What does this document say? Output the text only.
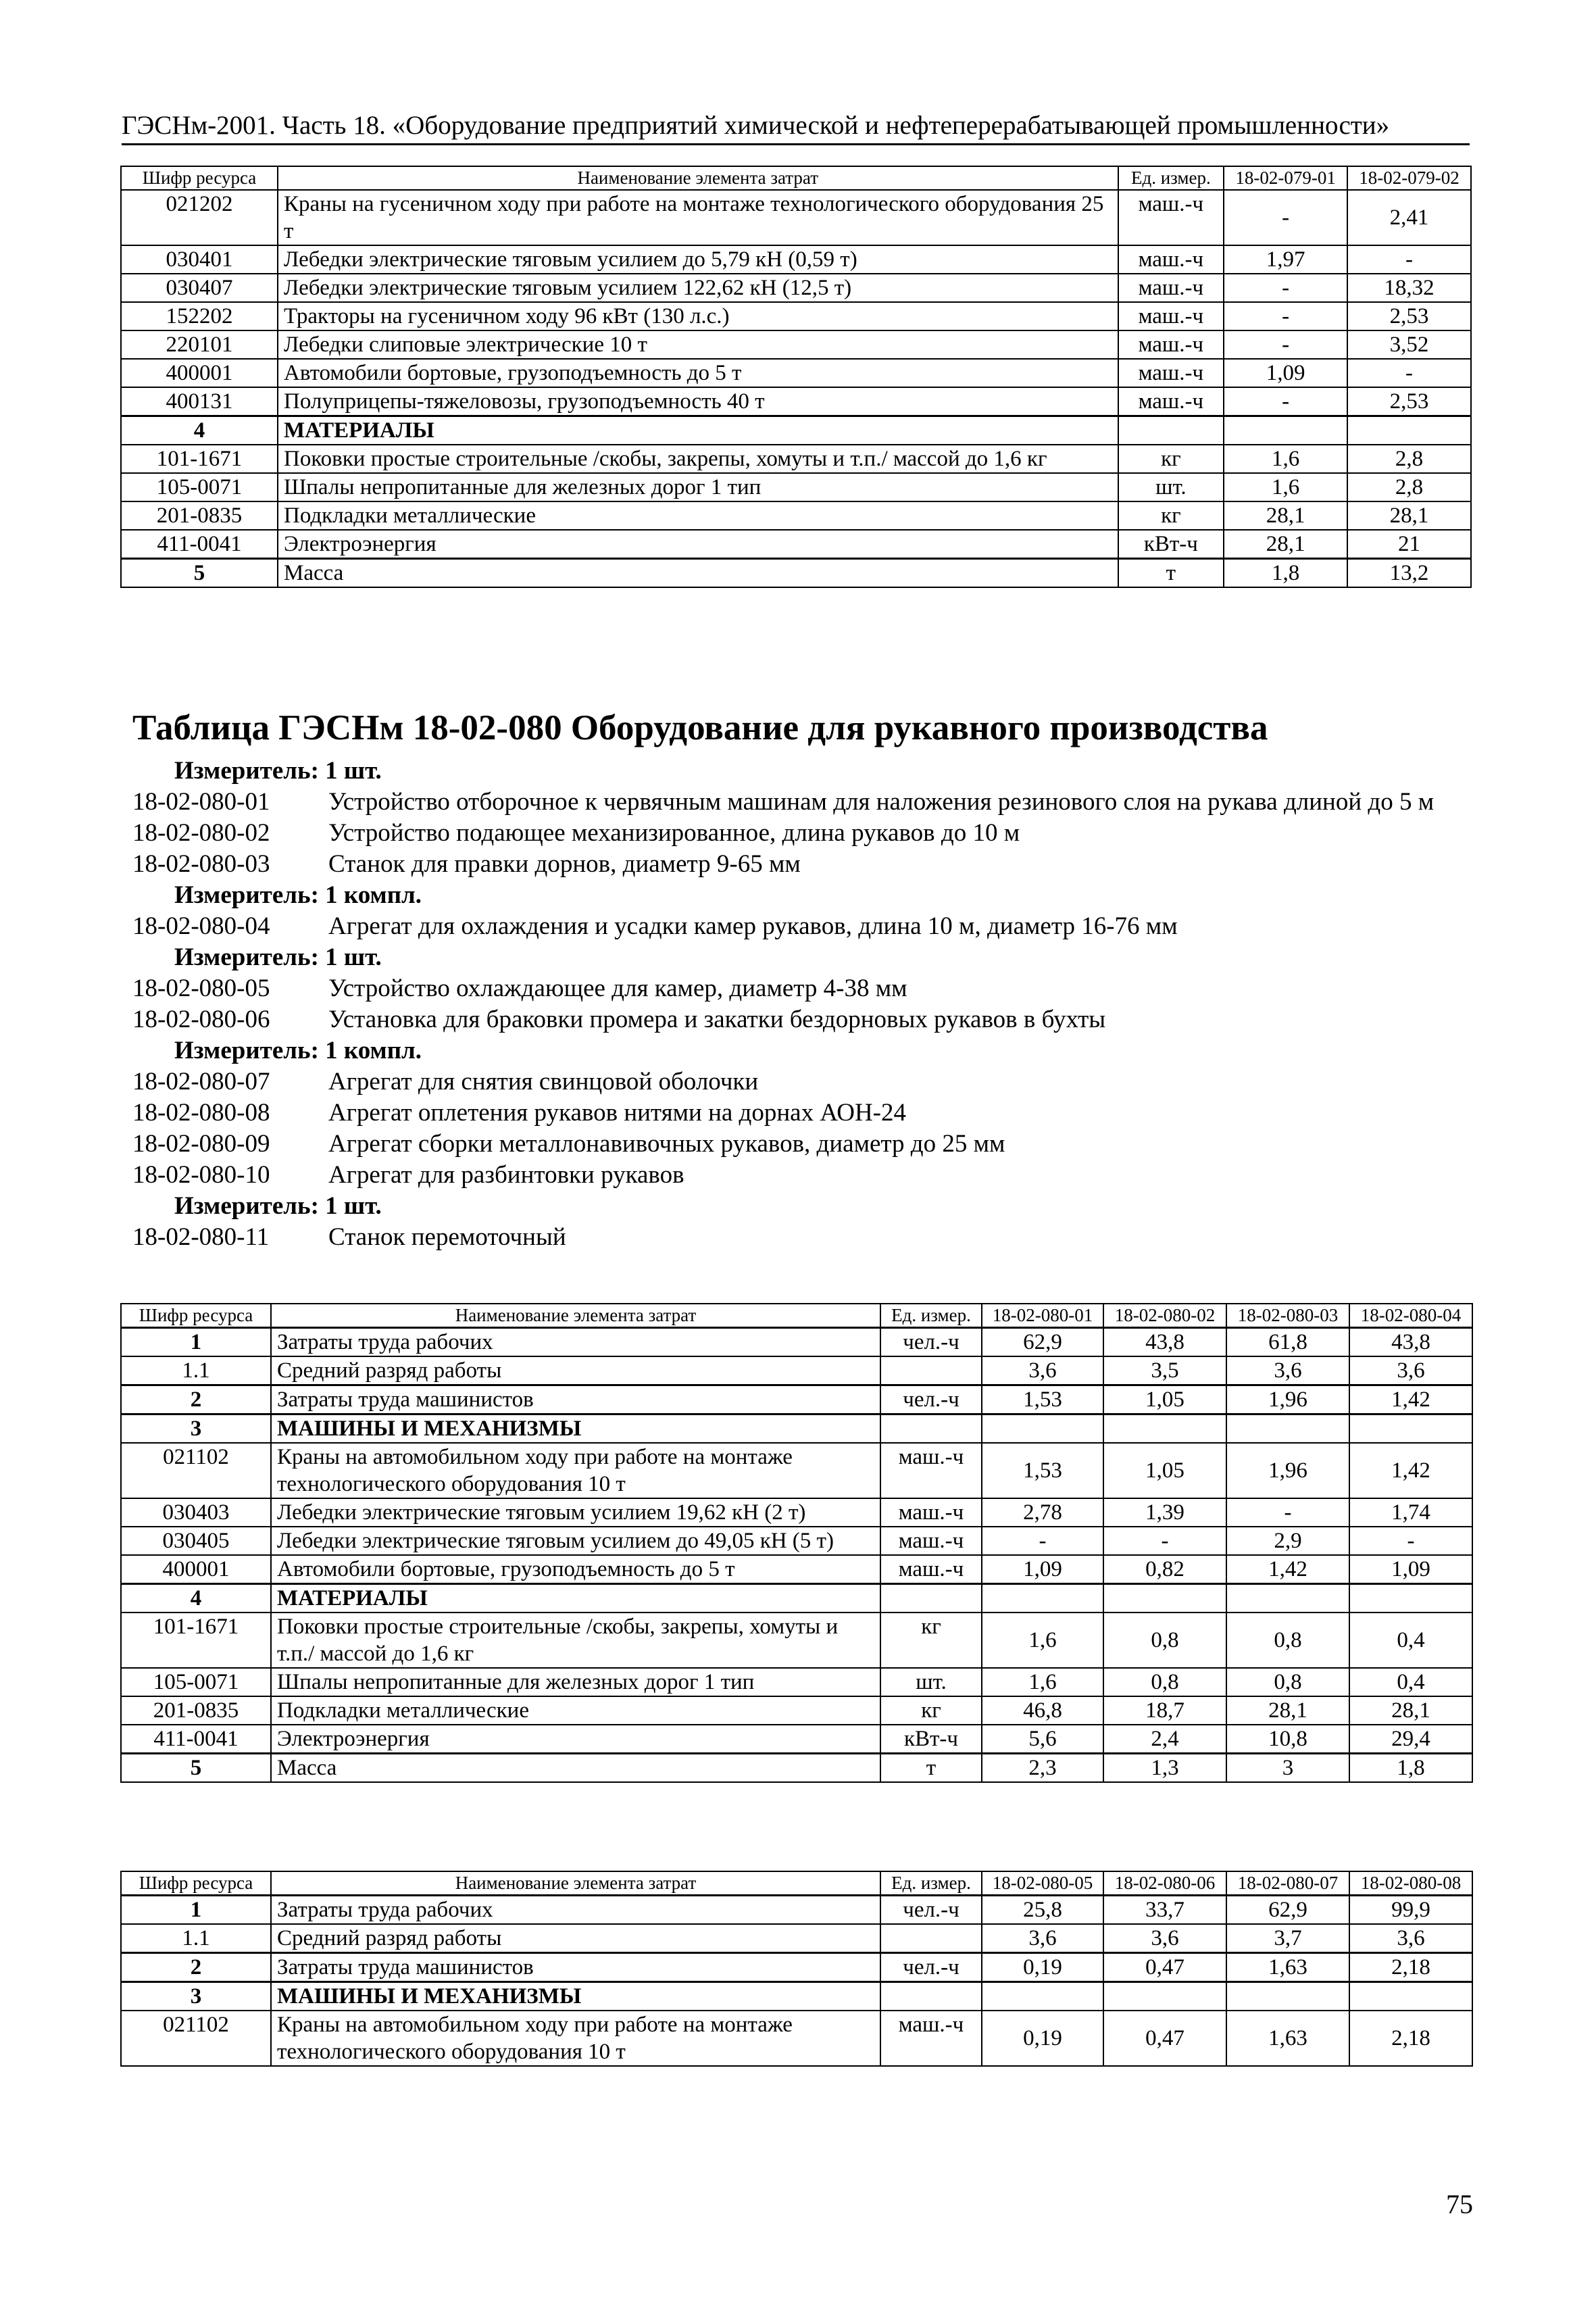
ГЭСНм-2001. Часть 18. «Оборудование предприятий химической и нефтеперерабатывающей промышленности»
Шифр ресурса	Наименование элемента затрат	Ед. измер.	18-02-079-01	18-02-079-02
021202	Краны на гусеничном ходу при работе на монтаже технологического оборудования 25 т	маш.-ч	-	2,41
030401	Лебедки электрические тяговым усилием до 5,79 кН (0,59 т)	маш.-ч	1,97	-
030407	Лебедки электрические тяговым усилием 122,62 кН (12,5 т)	маш.-ч	-	18,32
152202	Тракторы на гусеничном ходу 96 кВт (130 л.с.)	маш.-ч	-	2,53
220101	Лебедки слиповые электрические 10 т	маш.-ч	-	3,52
400001	Автомобили бортовые, грузоподъемность до 5 т	маш.-ч	1,09	-
400131	Полуприцепы-тяжеловозы, грузоподъемность 40 т	маш.-ч	-	2,53
4	МАТЕРИАЛЫ			
101-1671	Поковки простые строительные /скобы, закрепы, хомуты и т.п./ массой до 1,6 кг	кг	1,6	2,8
105-0071	Шпалы непропитанные для железных дорог 1 тип	шт.	1,6	2,8
201-0835	Подкладки металлические	кг	28,1	28,1
411-0041	Электроэнергия	кВт-ч	28,1	21
5	Масса	т	1,8	13,2
Таблица ГЭСНм 18-02-080 Оборудование для рукавного производства
Измеритель: 1 шт.
18-02-080-01	Устройство отборочное к червячным машинам для наложения резинового слоя на рукава длиной до 5 м
18-02-080-02	Устройство подающее механизированное, длина рукавов до 10 м
18-02-080-03	Станок для правки дорнов, диаметр 9-65 мм
Измеритель: 1 компл.
18-02-080-04	Агрегат для охлаждения и усадки камер рукавов, длина 10 м, диаметр 16-76 мм
Измеритель: 1 шт.
18-02-080-05	Устройство охлаждающее для камер, диаметр 4-38 мм
18-02-080-06	Установка для браковки промера и закатки бездорновых рукавов в бухты
Измеритель: 1 компл.
18-02-080-07	Агрегат для снятия свинцовой оболочки
18-02-080-08	Агрегат оплетения рукавов нитями на дорнах АОН-24
18-02-080-09	Агрегат сборки металлонавивочных рукавов, диаметр до 25 мм
18-02-080-10	Агрегат для разбинтовки рукавов
Измеритель: 1 шт.
18-02-080-11	Станок перемоточный
Шифр ресурса	Наименование элемента затрат	Ед. измер.	18-02-080-01	18-02-080-02	18-02-080-03	18-02-080-04
1	Затраты труда рабочих	чел.-ч	62,9	43,8	61,8	43,8
1.1	Средний разряд работы		3,6	3,5	3,6	3,6
2	Затраты труда машинистов	чел.-ч	1,53	1,05	1,96	1,42
3	МАШИНЫ И МЕХАНИЗМЫ					
021102	Краны на автомобильном ходу при работе на монтаже технологического оборудования 10 т	маш.-ч	1,53	1,05	1,96	1,42
030403	Лебедки электрические тяговым усилием 19,62 кН (2 т)	маш.-ч	2,78	1,39	-	1,74
030405	Лебедки электрические тяговым усилием до 49,05 кН (5 т)	маш.-ч	-	-	2,9	-
400001	Автомобили бортовые, грузоподъемность до 5 т	маш.-ч	1,09	0,82	1,42	1,09
4	МАТЕРИАЛЫ					
101-1671	Поковки простые строительные /скобы, закрепы, хомуты и т.п./ массой до 1,6 кг	кг	1,6	0,8	0,8	0,4
105-0071	Шпалы непропитанные для железных дорог 1 тип	шт.	1,6	0,8	0,8	0,4
201-0835	Подкладки металлические	кг	46,8	18,7	28,1	28,1
411-0041	Электроэнергия	кВт-ч	5,6	2,4	10,8	29,4
5	Масса	т	2,3	1,3	3	1,8
Шифр ресурса	Наименование элемента затрат	Ед. измер.	18-02-080-05	18-02-080-06	18-02-080-07	18-02-080-08
1	Затраты труда рабочих	чел.-ч	25,8	33,7	62,9	99,9
1.1	Средний разряд работы		3,6	3,6	3,7	3,6
2	Затраты труда машинистов	чел.-ч	0,19	0,47	1,63	2,18
3	МАШИНЫ И МЕХАНИЗМЫ					
021102	Краны на автомобильном ходу при работе на монтаже технологического оборудования 10 т	маш.-ч	0,19	0,47	1,63	2,18
75
